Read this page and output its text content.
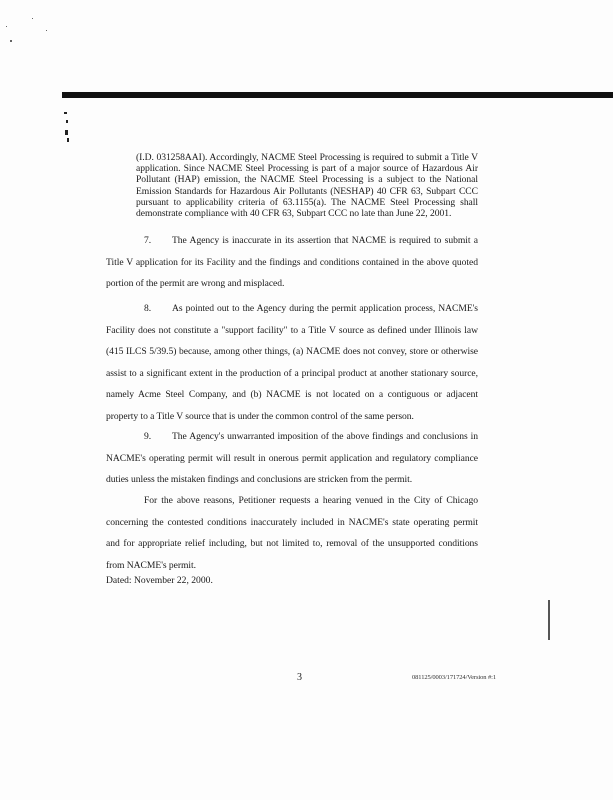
(I.D. 031258AAI). Accordingly, NACME Steel Processing is required to submit a Title V application. Since NACME Steel Processing is part of a major source of Hazardous Air Pollutant (HAP) emission, the NACME Steel Processing is a subject to the National Emission Standards for Hazardous Air Pollutants (NESHAP) 40 CFR 63, Subpart CCC pursuant to applicability criteria of 63.1155(a). The NACME Steel Processing shall demonstrate compliance with 40 CFR 63, Subpart CCC no late than June 22, 2001.
7. The Agency is inaccurate in its assertion that NACME is required to submit a Title V application for its Facility and the findings and conditions contained in the above quoted portion of the permit are wrong and misplaced.
8. As pointed out to the Agency during the permit application process, NACME's Facility does not constitute a "support facility" to a Title V source as defined under Illinois law (415 ILCS 5/39.5) because, among other things, (a) NACME does not convey, store or otherwise assist to a significant extent in the production of a principal product at another stationary source, namely Acme Steel Company, and (b) NACME is not located on a contiguous or adjacent property to a Title V source that is under the common control of the same person.
9. The Agency's unwarranted imposition of the above findings and conclusions in NACME's operating permit will result in onerous permit application and regulatory compliance duties unless the mistaken findings and conclusions are stricken from the permit.
For the above reasons, Petitioner requests a hearing venued in the City of Chicago concerning the contested conditions inaccurately included in NACME's state operating permit and for appropriate relief including, but not limited to, removal of the unsupported conditions from NACME's permit.
Dated: November 22, 2000.
3	081125/0003/171724/Version #:1
